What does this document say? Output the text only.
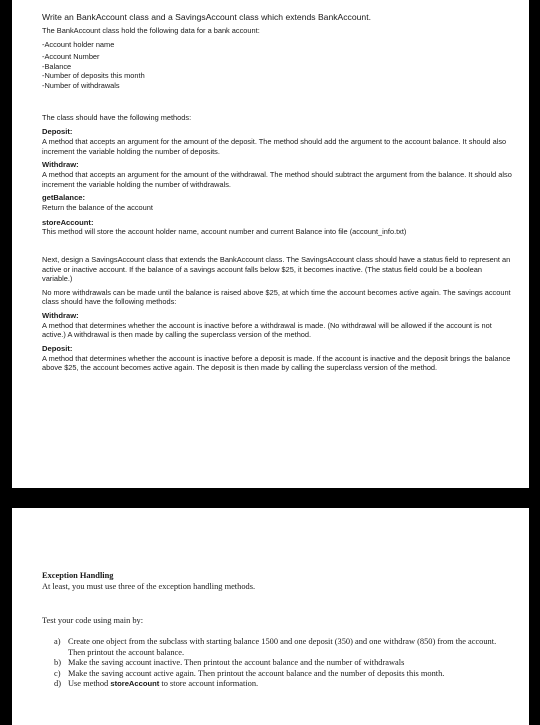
Write an BankAccount class and a SavingsAccount class which extends BankAccount.

The BankAccount class hold the following data for a bank account:

-Account holder name

-Account Number

-Balance

-Number of deposits this month

-Number of withdrawals

The class should have the following methods:

Deposit:

A method that accepts an argument for the amount of the deposit. The method should add the argument to the account balance. It should also increment the variable holding the number of deposits.

Withdraw:

A method that accepts an argument for the amount of the withdrawal. The method should subtract the argument from the balance. It should also increment the variable holding the number of withdrawals.

getBalance:

Return the balance of the account

storeAccount:

This method will store the account holder name, account number and current Balance into file (account_info.txt)

Next, design a SavingsAccount class that extends the BankAccount class. The SavingsAccount class should have a status field to represent an active or inactive account. If the balance of a savings account falls below $25, it becomes inactive. (The status field could be a boolean variable.)

No more withdrawals can be made until the balance is raised above $25, at which time the account becomes active again. The savings account class should have the following methods:

Withdraw:

A method that determines whether the account is inactive before a withdrawal is made. (No withdrawal will be allowed if the account is not active.) A withdrawal is then made by calling the superclass version of the method.

Deposit:

A method that determines whether the account is inactive before a deposit is made. If the account is inactive and the deposit brings the balance above $25, the account becomes active again. The deposit is then made by calling the superclass version of the method.

Exception Handling

At least, you must use three of the exception handling methods.

Test your code using main by:

a) Create one object from the subclass with starting balance 1500 and one deposit (350) and one withdraw (850) from the account. Then printout the account balance.
b) Make the saving account inactive. Then printout the account balance and the number of withdrawals
c) Make the saving account active again. Then printout the account balance and the number of deposits this month.
d) Use method storeAccount to store account information.
